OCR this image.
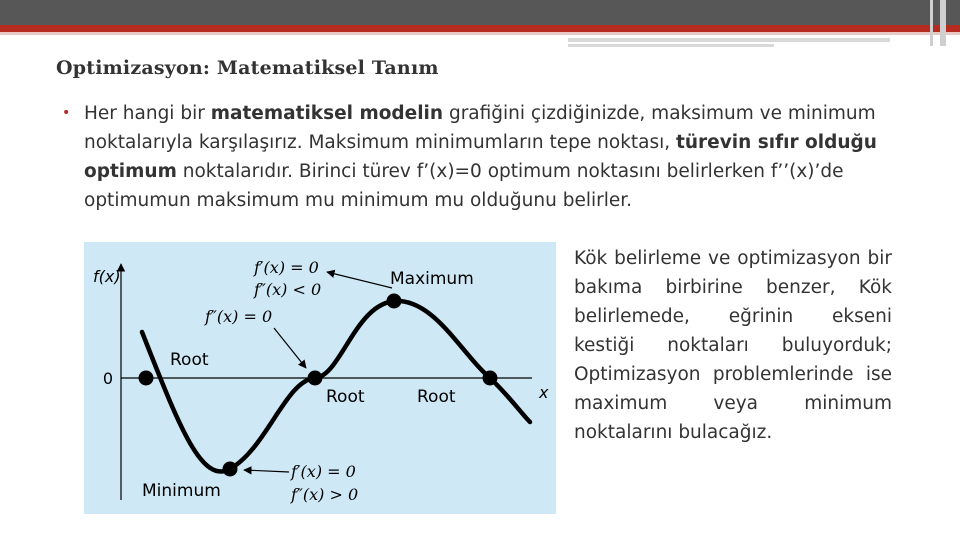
Optimizasyon: Matematiksel Tanım
• Her hangi bir matematiksel modelin grafiğini çizdiğinizde, maksimum ve minimum noktalarıyla karşılaşırız. Maksimum minimumların tepe noktası, türevin sıfır olduğu optimum noktalarıdır. Birinci türev f’(x)=0 optimum noktasını belirlerken f’’(x)’de optimumun maksimum mu minimum mu olduğunu belirler.
f(x)
x
0
Root
Root	Root
Maximum
Minimum
f′(x) = 0
f″(x) < 0
f″(x) = 0
f′(x) = 0
f″(x) > 0

Kök belirleme ve optimizasyon bir bakıma birbirine benzer, Kök belirlemede, eğrinin ekseni kestiği noktaları buluyorduk; Optimizasyon problemlerinde ise maximum veya minimum noktalarını bulacağız.
